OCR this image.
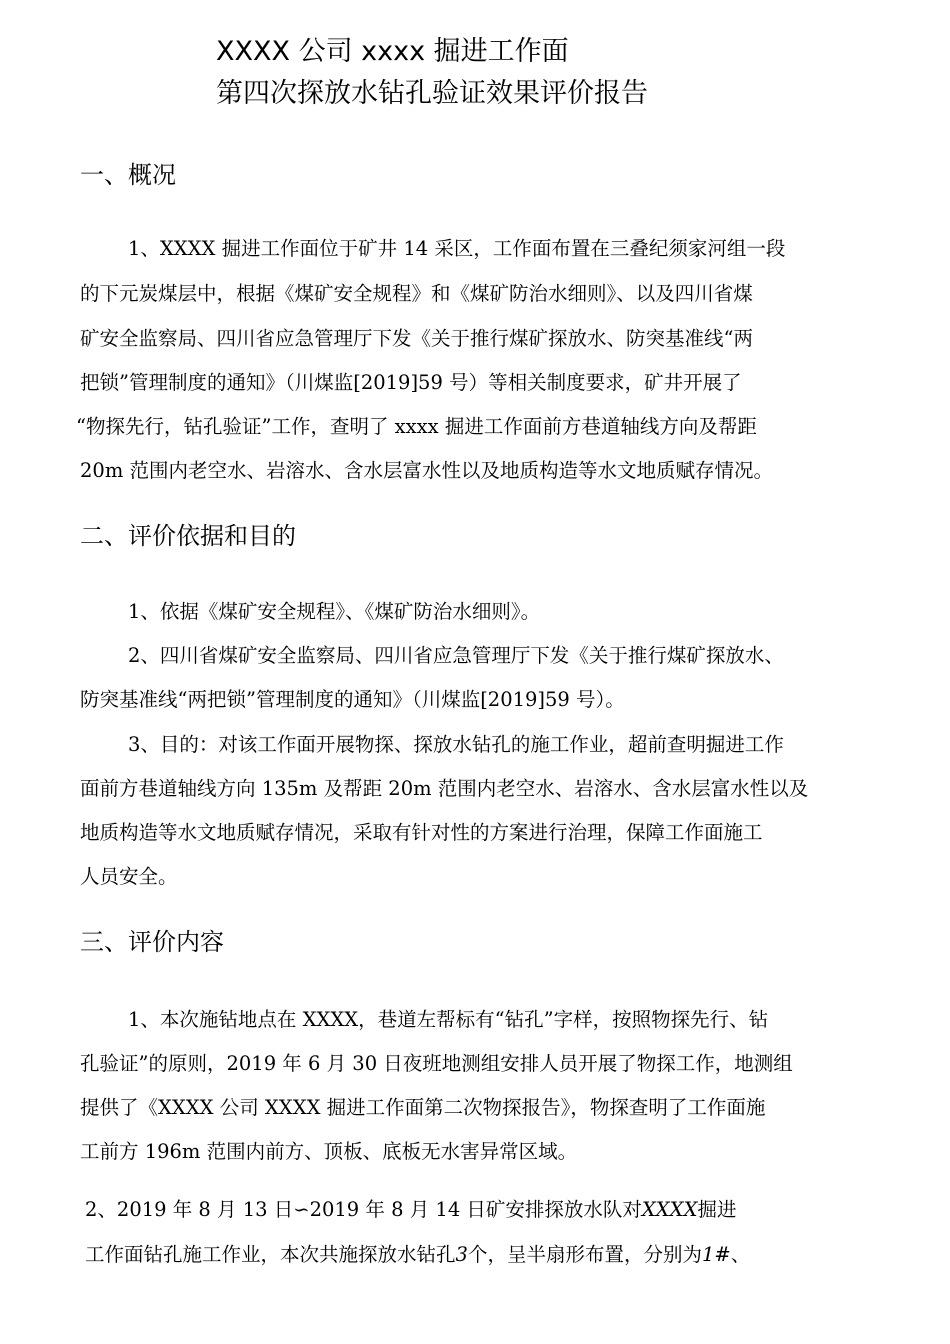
XXXX 公司 xxxx 掘进工作面
第四次探放水钻孔验证效果评价报告
一、概况
1、XXXX 掘进工作面位于矿井 14 采区，工作面布置在三叠纪须家河组一段
的下元炭煤层中，根据《煤矿安全规程》和《煤矿防治水细则》、以及四川省煤
矿安全监察局、四川省应急管理厅下发《关于推行煤矿探放水、防突基准线“两
把锁”管理制度的通知》（川煤监[2019]59 号）等相关制度要求，矿井开展了
“物探先行，钻孔验证”工作，查明了 xxxx 掘进工作面前方巷道轴线方向及帮距
20m 范围内老空水、岩溶水、含水层富水性以及地质构造等水文地质赋存情况。
二、评价依据和目的
1、依据《煤矿安全规程》、《煤矿防治水细则》。
2、四川省煤矿安全监察局、四川省应急管理厅下发《关于推行煤矿探放水、
防突基准线“两把锁”管理制度的通知》（川煤监[2019]59 号）。
3、目的：对该工作面开展物探、探放水钻孔的施工作业，超前查明掘进工作
面前方巷道轴线方向 135m 及帮距 20m 范围内老空水、岩溶水、含水层富水性以及
地质构造等水文地质赋存情况，采取有针对性的方案进行治理，保障工作面施工
人员安全。
三、评价内容
1、本次施钻地点在 XXXX，巷道左帮标有“钻孔”字样，按照物探先行、钻
孔验证”的原则，2019 年 6 月 30 日夜班地测组安排人员开展了物探工作，地测组
提供了《XXXX 公司 XXXX 掘进工作面第二次物探报告》，物探查明了工作面施
工前方 196m 范围内前方、顶板、底板无水害异常区域。
2、2019 年 8 月 13 日∽2019 年 8 月 14 日矿安排探放水队对XXXX掘进
工作面钻孔施工作业，本次共施探放水钻孔3个，呈半扇形布置，分别为1#、
